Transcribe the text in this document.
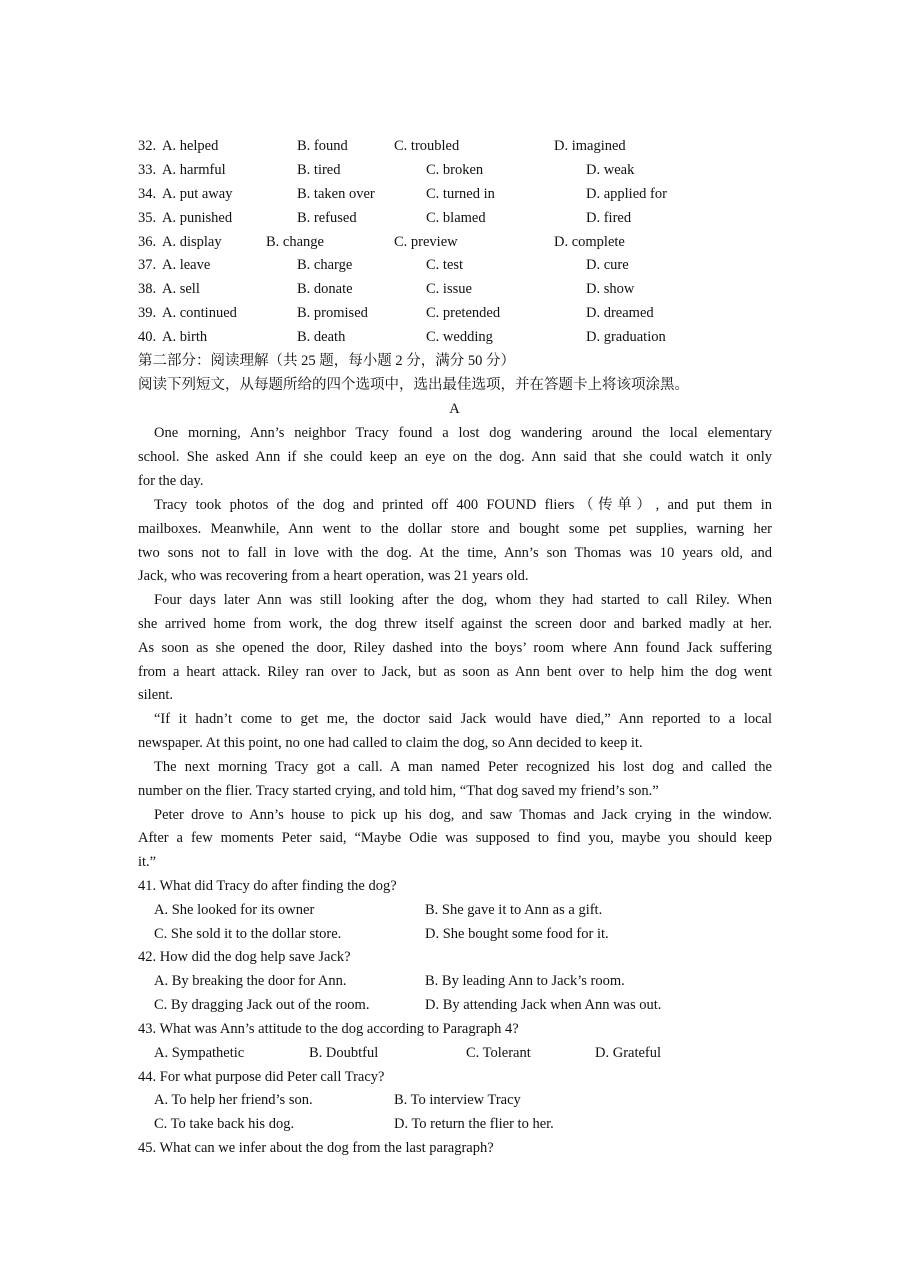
32. A. helped	B. found	C. troubled	D. imagined
33. A. harmful	B. tired	C. broken	D. weak
34. A. put away	B. taken over	C. turned in	D. applied for
35. A. punished	B. refused	C. blamed	D. fired
36. A. display	B. change	C. preview	D. complete
37. A. leave	B. charge	C. test	D. cure
38. A. sell	B. donate	C. issue	D. show
39. A. continued	B. promised	C. pretended	D. dreamed
40. A. birth	B. death	C. wedding	D. graduation
第二部分：阅读理解（共 25 题，每小题 2 分，满分 50 分）
阅读下列短文，从每题所给的四个选项中，选出最佳选项，并在答题卡上将该项涂黑。
A
One morning, Ann’s neighbor Tracy found a lost dog wandering around the local elementary
school. She asked Ann if she could keep an eye on the dog. Ann said that she could watch it only
for the day.
Tracy took photos of the dog and printed off 400 FOUND fliers（传单）, and put them in
mailboxes. Meanwhile, Ann went to the dollar store and bought some pet supplies, warning her
two sons not to fall in love with the dog. At the time, Ann’s son Thomas was 10 years old, and
Jack, who was recovering from a heart operation, was 21 years old.
Four days later Ann was still looking after the dog, whom they had started to call Riley. When
she arrived home from work, the dog threw itself against the screen door and barked madly at her.
As soon as she opened the door, Riley dashed into the boys’ room where Ann found Jack suffering
from a heart attack. Riley ran over to Jack, but as soon as Ann bent over to help him the dog went
silent.
“If it hadn’t come to get me, the doctor said Jack would have died,” Ann reported to a local
newspaper. At this point, no one had called to claim the dog, so Ann decided to keep it.
The next morning Tracy got a call. A man named Peter recognized his lost dog and called the
number on the flier. Tracy started crying, and told him, “That dog saved my friend’s son.”
Peter drove to Ann’s house to pick up his dog, and saw Thomas and Jack crying in the window.
After a few moments Peter said, “Maybe Odie was supposed to find you, maybe you should keep
it.”
41. What did Tracy do after finding the dog?
A. She looked for its owner	B. She gave it to Ann as a gift.
C. She sold it to the dollar store.	D. She bought some food for it.
42. How did the dog help save Jack?
A. By breaking the door for Ann.	B. By leading Ann to Jack’s room.
C. By dragging Jack out of the room.	D. By attending Jack when Ann was out.
43. What was Ann’s attitude to the dog according to Paragraph 4?
A. Sympathetic	B. Doubtful	C. Tolerant	D. Grateful
44. For what purpose did Peter call Tracy?
A. To help her friend’s son.	B. To interview Tracy
C. To take back his dog.	D. To return the flier to her.
45. What can we infer about the dog from the last paragraph?
